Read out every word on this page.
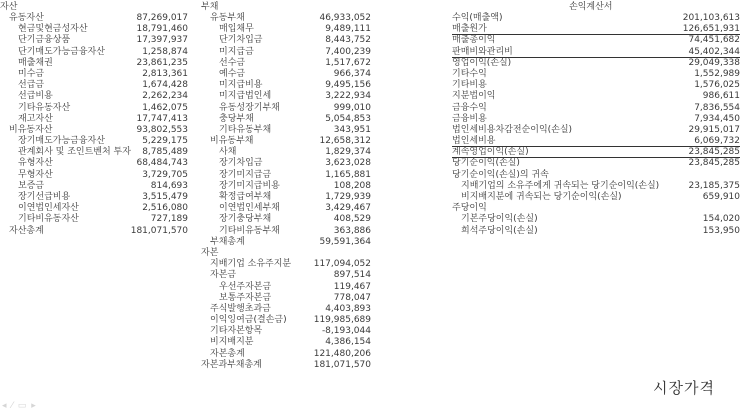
자산	부채	손익계산서
유동자산	87,269,017
현금및현금성자산	18,791,460
단기금융상품	17,397,937
단기매도가능금융자산	1,258,874
매출채권	23,861,235
미수금	2,813,361
선급금	1,674,428
선급비용	2,262,234
기타유동자산	1,462,075
재고자산	17,747,413
비유동자산	93,802,553
장기매도가능금융자산	5,229,175
관계회사 및 조인트벤처 투자 8,785,489
유형자산	68,484,743
무형자산	3,729,705
보증금	814,693
장기선급비용	3,515,479
이연법인세자산	2,516,080
기타비유동자산	727,189
자산총계	181,071,570
유동부채	46,933,052
매입채무	9,489,111
단기차입금	8,443,752
미지급금	7,400,239
선수금	1,517,672
예수금	966,374
미지급비용	9,495,156
미지급법인세	3,222,934
유동성장기부채	999,010
충당부채	5,054,853
기타유동부채	343,951
비유동부채	12,658,312
사채	1,829,374
장기차입금	3,623,028
장기미지급금	1,165,881
장기미지급비용	108,208
확정급여부채	1,729,939
이연법인세부채	3,429,467
장기충당부채	408,529
기타비유동부채	363,886
부채총계	59,591,364
자본
지배기업 소유주지분	117,094,052
자본금	897,514
우선주자본금	119,467
보통주자본금	778,047
주식발행초과금	4,403,893
이익잉여금(결손금)	119,985,689
기타자본항목	-8,193,044
비지배지분	4,386,154
자본총계	121,480,206
자본과부채총계	181,071,570
수익(매출액)	201,103,613
매출원가	126,651,931
매출총이익	74,451,682
판매비와관리비	45,402,344
영업이익(손실)	29,049,338
기타수익	1,552,989
기타비용	1,576,025
지분법이익	986,611
금융수익	7,836,554
금융비용	7,934,450
법인세비용차감전순이익(손실)	29,915,017
법인세비용	6,069,732
계속영업이익(손실)	23,845,285
당기순이익(손실)	23,845,285
당기순이익(손실)의 귀속
지배기업의 소유주에게 귀속되는 당기순이익(손실)	23,185,375
비지배지분에 귀속되는 당기순이익(손실)	659,910
주당이익
기본주당이익(손실)	154,020
희석주당이익(손실)	153,950
시장가격
◂ ⁄ ▭ ▸
